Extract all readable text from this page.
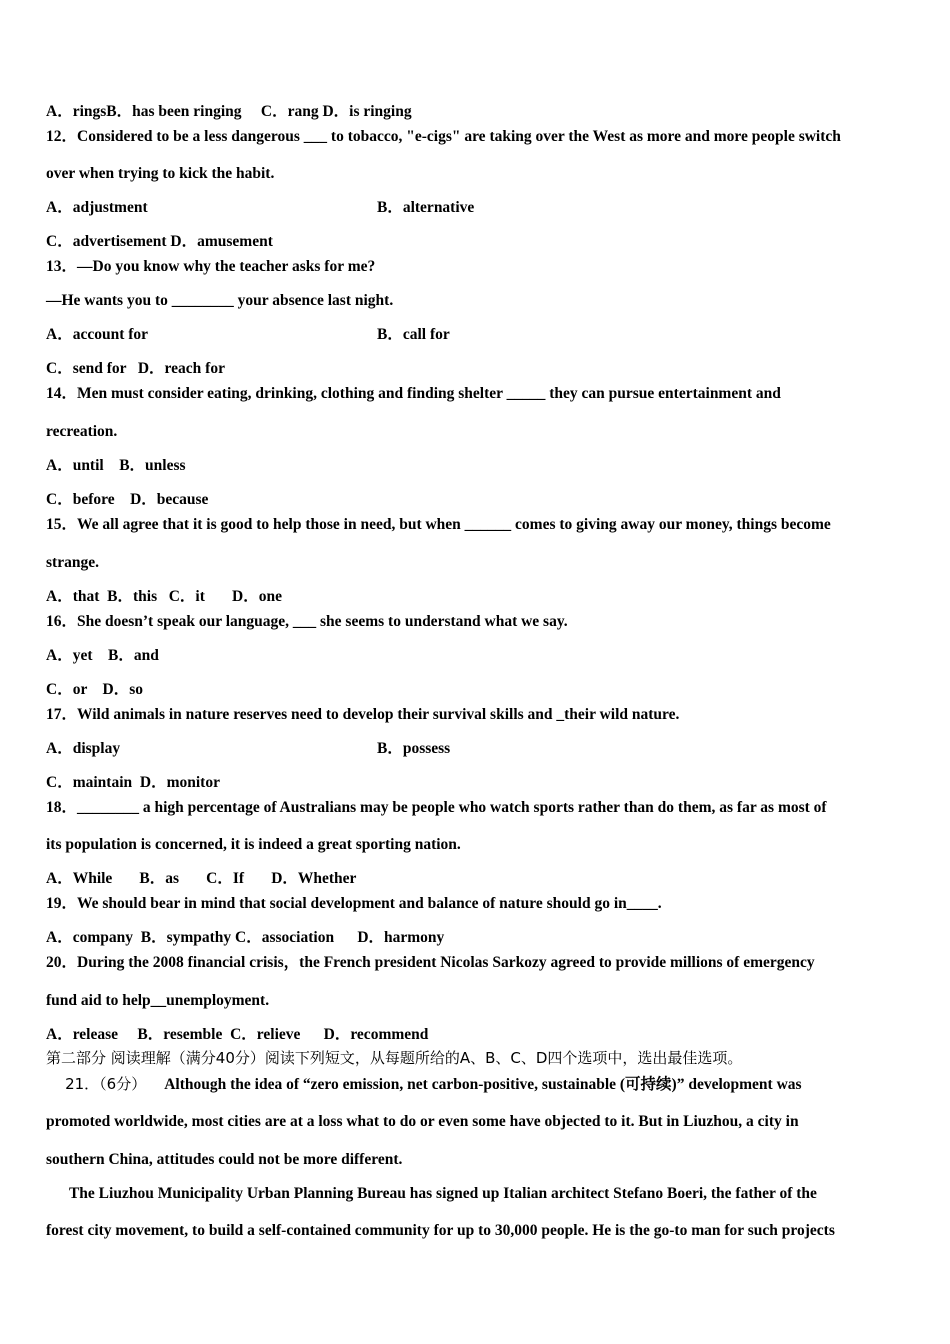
A．ringsB．has been ringing     C．rang D．is ringing
12．Considered to be a less dangerous ___ to tobacco, "e-cigs" are taking over the West as more and more people switch
over when trying to kick the habit.
A．adjustment	B．alternative
C．advertisement D．amusement
13．—Do you know why the teacher asks for me?
—He wants you to ________ your absence last night.
A．account for	B．call for
C．send for   D．reach for
14．Men must consider eating, drinking, clothing and finding shelter _____ they can pursue entertainment and
recreation.
A．until    B．unless
C．before    D．because
15．We all agree that it is good to help those in need, but when ______ comes to giving away our money, things become
strange.
A．that  B．this   C．it       D．one
16．She doesn’t speak our language, ___ she seems to understand what we say.
A．yet    B．and
C．or    D．so
17．Wild animals in nature reserves need to develop their survival skills and _their wild nature.
A．display	B．possess
C．maintain  D．monitor
18．________ a high percentage of Australians may be people who watch sports rather than do them, as far as most of
its population is concerned, it is indeed a great sporting nation.
A．While       B．as       C．If       D．Whether
19．We should bear in mind that social development and balance of nature should go in____.
A．company  B．sympathy C．association      D．harmony
20．During the 2008 financial crisis，the French president Nicolas Sarkozy agreed to provide millions of emergency
fund aid to help__unemployment.
A．release     B．resemble  C．relieve      D．recommend
第二部分 阅读理解（满分40分）阅读下列短文，从每题所给的A、B、C、D四个选项中，选出最佳选项。
21．（6分） Although the idea of “zero emission, net carbon-positive, sustainable (可持续)” development was
promoted worldwide, most cities are at a loss what to do or even some have objected to it. But in Liuzhou, a city in
southern China, attitudes could not be more different.
The Liuzhou Municipality Urban Planning Bureau has signed up Italian architect Stefano Boeri, the father of the
forest city movement, to build a self-contained community for up to 30,000 people. He is the go-to man for such projects
